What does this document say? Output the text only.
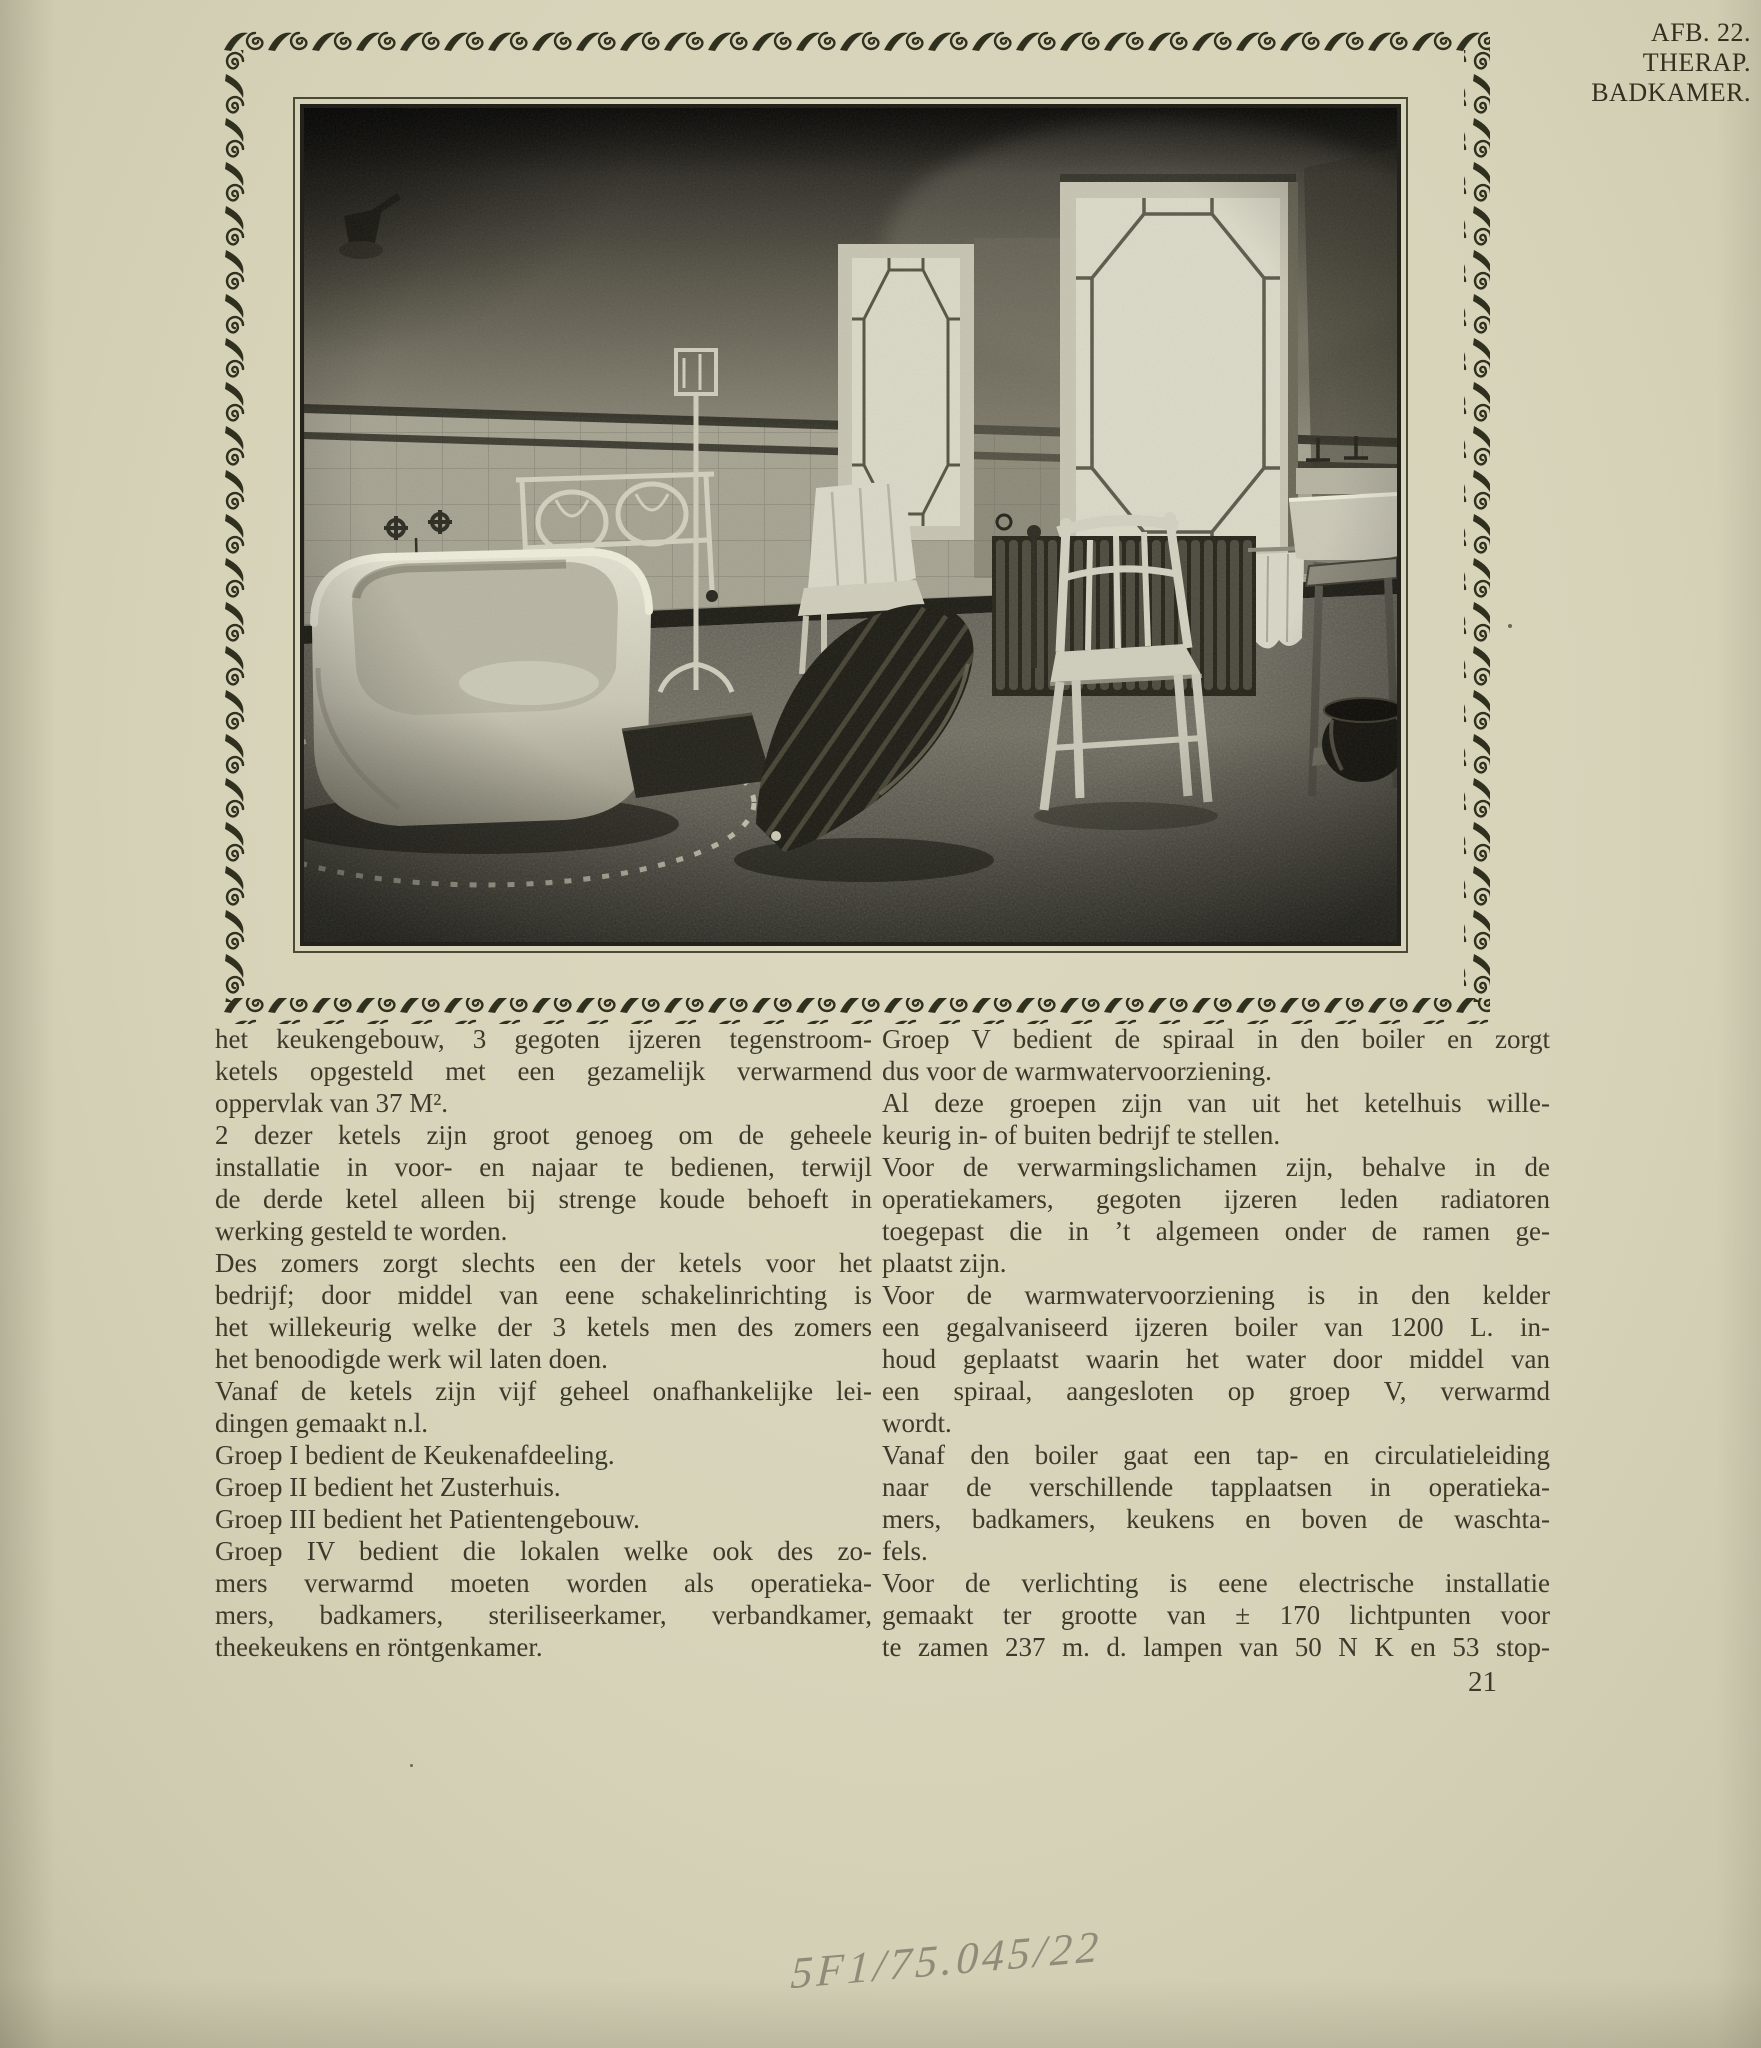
AFB. 22.
THERAP.
BADKAMER.
het keukengebouw, 3 gegoten ijzeren tegenstroom-
ketels opgesteld met een gezamelijk verwarmend
oppervlak van 37 M².
2 dezer ketels zijn groot genoeg om de geheele
installatie in voor- en najaar te bedienen, terwijl
de derde ketel alleen bij strenge koude behoeft in
werking gesteld te worden.
Des zomers zorgt slechts een der ketels voor het
bedrijf; door middel van eene schakelinrichting is
het willekeurig welke der 3 ketels men des zomers
het benoodigde werk wil laten doen.
Vanaf de ketels zijn vijf geheel onafhankelijke lei-
dingen gemaakt n.l.
Groep I bedient de Keukenafdeeling.
Groep II bedient het Zusterhuis.
Groep III bedient het Patientengebouw.
Groep IV bedient die lokalen welke ook des zo-
mers verwarmd moeten worden als operatieka-
mers, badkamers, steriliseerkamer, verbandkamer,
theekeukens en röntgenkamer.
Groep V bedient de spiraal in den boiler en zorgt
dus voor de warmwatervoorziening.
Al deze groepen zijn van uit het ketelhuis wille-
keurig in- of buiten bedrijf te stellen.
Voor de verwarmingslichamen zijn, behalve in de
operatiekamers, gegoten ijzeren leden radiatoren
toegepast die in ’t algemeen onder de ramen ge-
plaatst zijn.
Voor de warmwatervoorziening is in den kelder
een gegalvaniseerd ijzeren boiler van 1200 L. in-
houd geplaatst waarin het water door middel van
een spiraal, aangesloten op groep V, verwarmd
wordt.
Vanaf den boiler gaat een tap- en circulatieleiding
naar de verschillende tapplaatsen in operatieka-
mers, badkamers, keukens en boven de waschta-
fels.
Voor de verlichting is eene electrische installatie
gemaakt ter grootte van ± 170 lichtpunten voor
te zamen 237 m. d. lampen van 50 N K en 53 stop-
21
5F1/75.045/22
